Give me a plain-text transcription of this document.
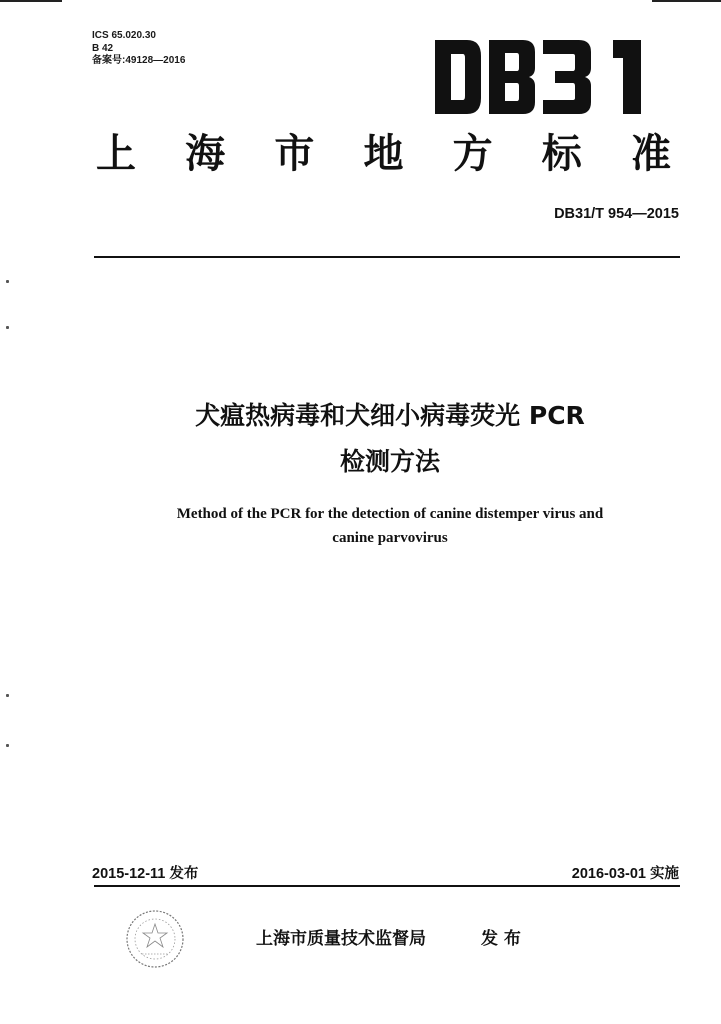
ICS 65.020.30
B 42
备案号:49128—2016
上 海 市 地 方 标 准
DB31/T 954—2015
犬瘟热病毒和犬细小病毒荧光 PCR
检测方法
Method of the PCR for the detection of canine distemper virus and
canine parvovirus
2015-12-11 发布	2016-03-01 实施
上海市质量技术监督局	发 布
